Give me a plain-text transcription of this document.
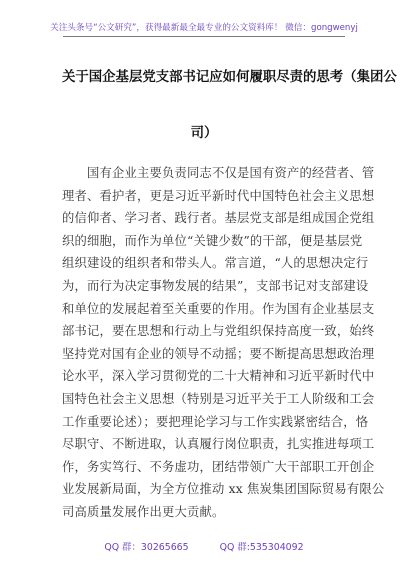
关注头条号“公文研究”，获得最新最全最专业的公文资料库！ 微信：gongwenyj
关于国企基层党支部书记应如何履职尽责的思考（集团公
司）
　　国有企业主要负责同志不仅是国有资产的经营者、管
理者、看护者，更是习近平新时代中国特色社会主义思想
的信仰者、学习者、践行者。基层党支部是组成国企党组
织的细胞，而作为单位“关键少数”的干部，便是基层党
组织建设的组织者和带头人。常言道，“人的思想决定行
为，而行为决定事物发展的结果”，支部书记对支部建设
和单位的发展起着至关重要的作用。作为国有企业基层支
部书记，要在思想和行动上与党组织保持高度一致，始终
坚持党对国有企业的领导不动摇；要不断提高思想政治理
论水平，深入学习贯彻党的二十大精神和习近平新时代中
国特色社会主义思想（特别是习近平关于工人阶级和工会
工作重要论述）；要把理论学习与工作实践紧密结合，恪
尽职守、不断进取，认真履行岗位职责，扎实推进每项工
作，务实笃行、不务虚功，团结带领广大干部职工开创企
业发展新局面，为全方位推动 xx 焦炭集团国际贸易有限公
司高质量发展作出更大贡献。
QQ 群：30265665	QQ 群:535304092
